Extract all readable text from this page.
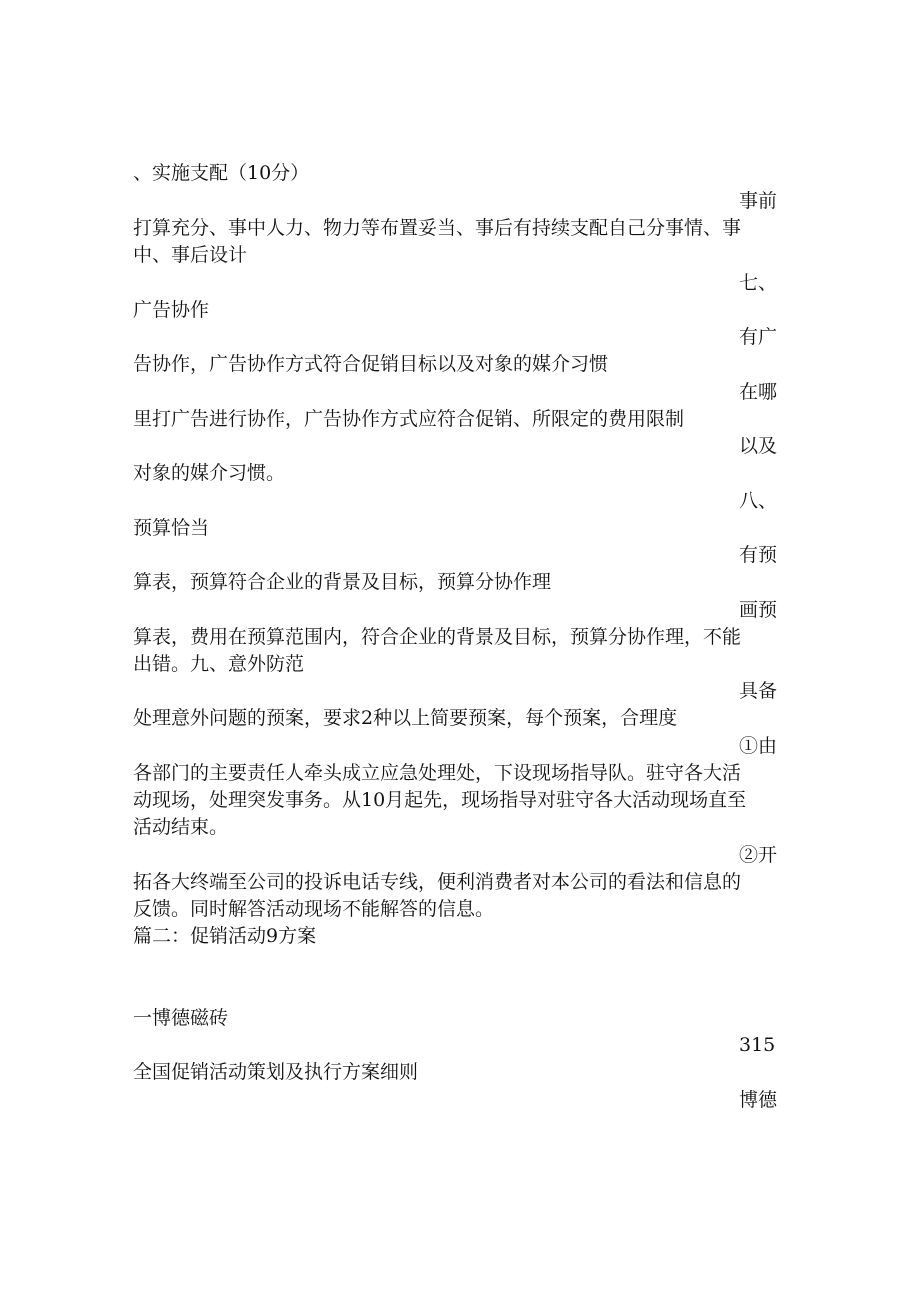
、实施支配（10分）
事前
打算充分、事中人力、物力等布置妥当、事后有持续支配自己分事情、事
中、事后设计
七、
广告协作
有广
告协作，广告协作方式符合促销目标以及对象的媒介习惯
在哪
里打广告进行协作，广告协作方式应符合促销、所限定的费用限制
以及
对象的媒介习惯。
八、
预算恰当
有预
算表，预算符合企业的背景及目标，预算分协作理
画预
算表，费用在预算范围内，符合企业的背景及目标，预算分协作理，不能
出错。九、意外防范
具备
处理意外问题的预案，要求2种以上简要预案，每个预案，合理度
①由
各部门的主要责任人牵头成立应急处理处，下设现场指导队。驻守各大活
动现场，处理突发事务。从10月起先，现场指导对驻守各大活动现场直至
活动结束。
②开
拓各大终端至公司的投诉电话专线，便利消费者对本公司的看法和信息的
反馈。同时解答活动现场不能解答的信息。
篇二：促销活动9方案
一博德磁砖
315
全国促销活动策划及执行方案细则
博德
